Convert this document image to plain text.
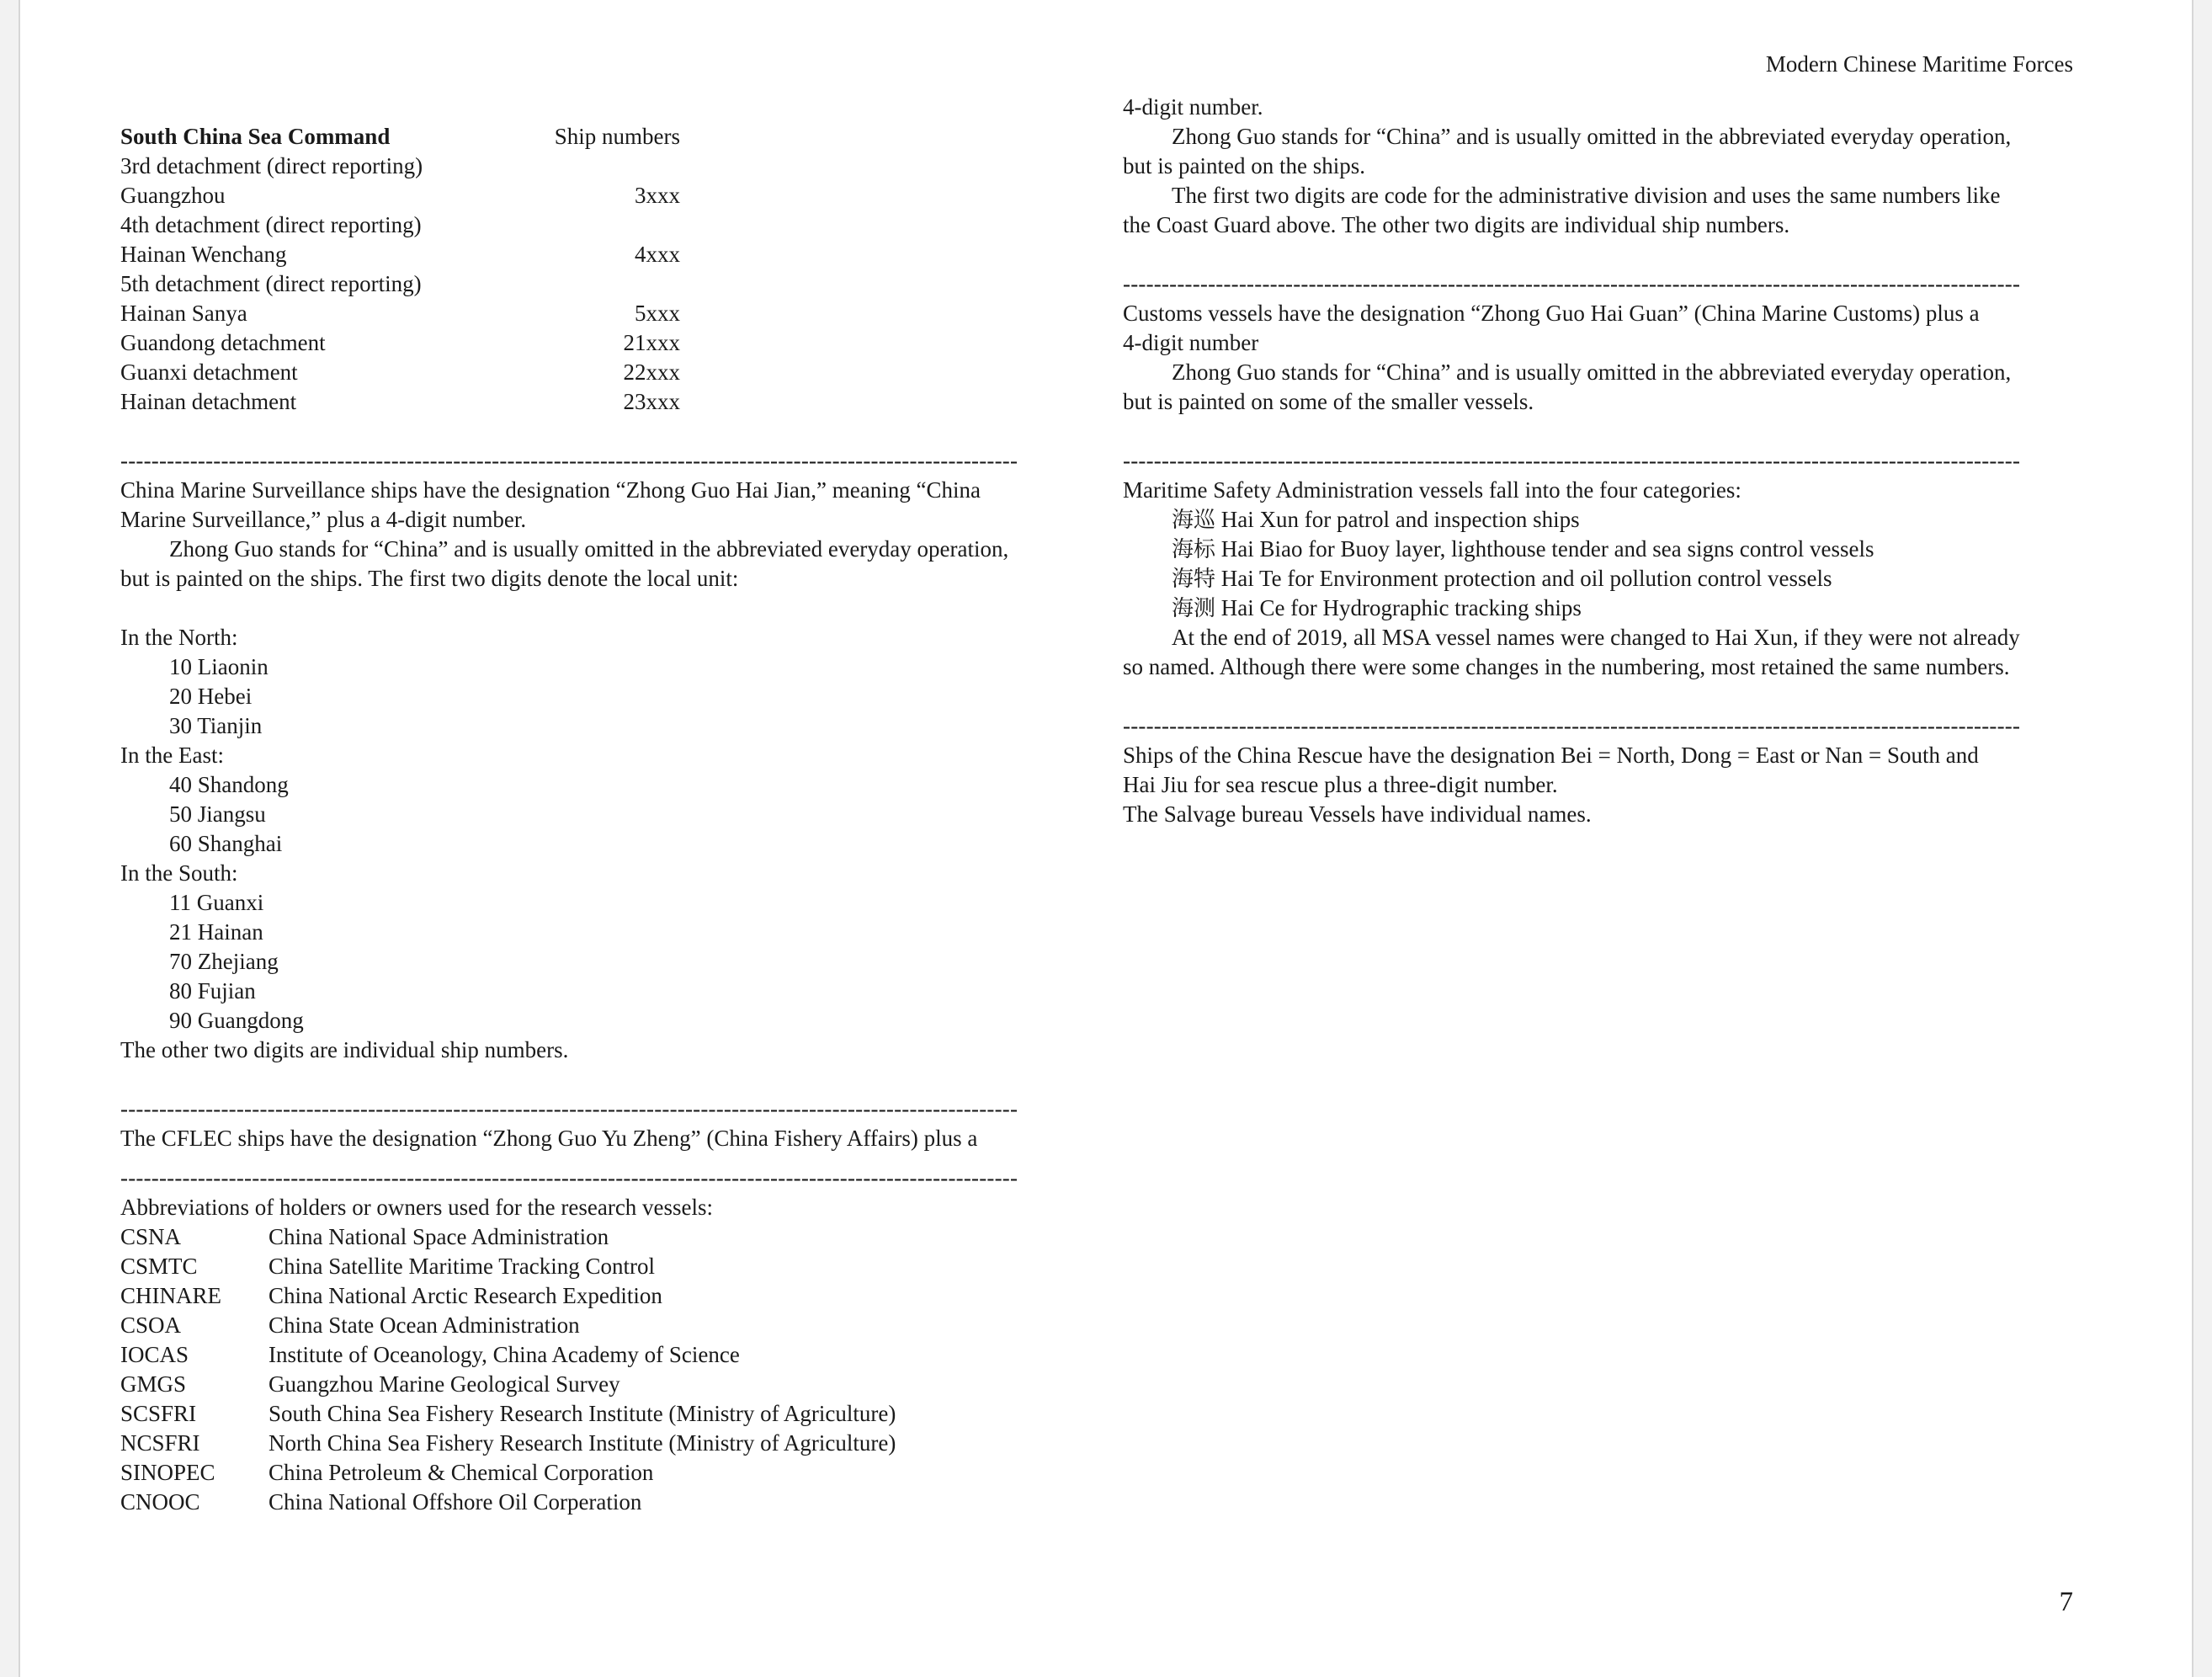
Modern Chinese Maritime Forces
South China Sea Command	Ship numbers
3rd detachment (direct reporting)
Guangzhou	3xxx
4th detachment (direct reporting)
Hainan Wenchang	4xxx
5th detachment (direct reporting)
Hainan Sanya	5xxx
Guandong detachment	21xxx
Guanxi detachment	22xxx
Hainan detachment	23xxx
--------------------------------------------------------------------------------------------------------------------
China Marine Surveillance ships have the designation “Zhong Guo Hai Jian,” meaning “China
Marine Surveillance,” plus a 4-digit number.
Zhong Guo stands for “China” and is usually omitted in the abbreviated everyday operation,
but is painted on the ships. The first two digits denote the local unit:
In the North:
10 Liaonin
20 Hebei
30 Tianjin
In the East:
40 Shandong
50 Jiangsu
60 Shanghai
In the South:
11 Guanxi
21 Hainan
70 Zhejiang
80 Fujian
90 Guangdong
The other two digits are individual ship numbers.
--------------------------------------------------------------------------------------------------------------------
The CFLEC ships have the designation “Zhong Guo Yu Zheng” (China Fishery Affairs) plus a
--------------------------------------------------------------------------------------------------------------------
Abbreviations of holders or owners used for the research vessels:
CSNA	China National Space Administration
CSMTC	China Satellite Maritime Tracking Control
CHINARE	China National Arctic Research Expedition
CSOA	China State Ocean Administration
IOCAS	Institute of Oceanology, China Academy of Science
GMGS	Guangzhou Marine Geological Survey
SCSFRI	South China Sea Fishery Research Institute (Ministry of Agriculture)
NCSFRI	North China Sea Fishery Research Institute (Ministry of Agriculture)
SINOPEC	China Petroleum & Chemical Corporation
CNOOC	China National Offshore Oil Corperation
4-digit number.
Zhong Guo stands for “China” and is usually omitted in the abbreviated everyday operation,
but is painted on the ships.
The first two digits are code for the administrative division and uses the same numbers like
the Coast Guard above. The other two digits are individual ship numbers.
--------------------------------------------------------------------------------------------------------------------
Customs vessels have the designation “Zhong Guo Hai Guan” (China Marine Customs) plus a
4-digit number
Zhong Guo stands for “China” and is usually omitted in the abbreviated everyday operation,
but is painted on some of the smaller vessels.
--------------------------------------------------------------------------------------------------------------------
Maritime Safety Administration vessels fall into the four categories:
海巡 Hai Xun for patrol and inspection ships
海标 Hai Biao for Buoy layer, lighthouse tender and sea signs control vessels
海特 Hai Te for Environment protection and oil pollution control vessels
海测 Hai Ce for Hydrographic tracking ships
At the end of 2019, all MSA vessel names were changed to Hai Xun, if they were not already
so named. Although there were some changes in the numbering, most retained the same numbers.
--------------------------------------------------------------------------------------------------------------------
Ships of the China Rescue have the designation Bei = North, Dong = East or Nan = South and
Hai Jiu for sea rescue plus a three-digit number.
The Salvage bureau Vessels have individual names.
7
